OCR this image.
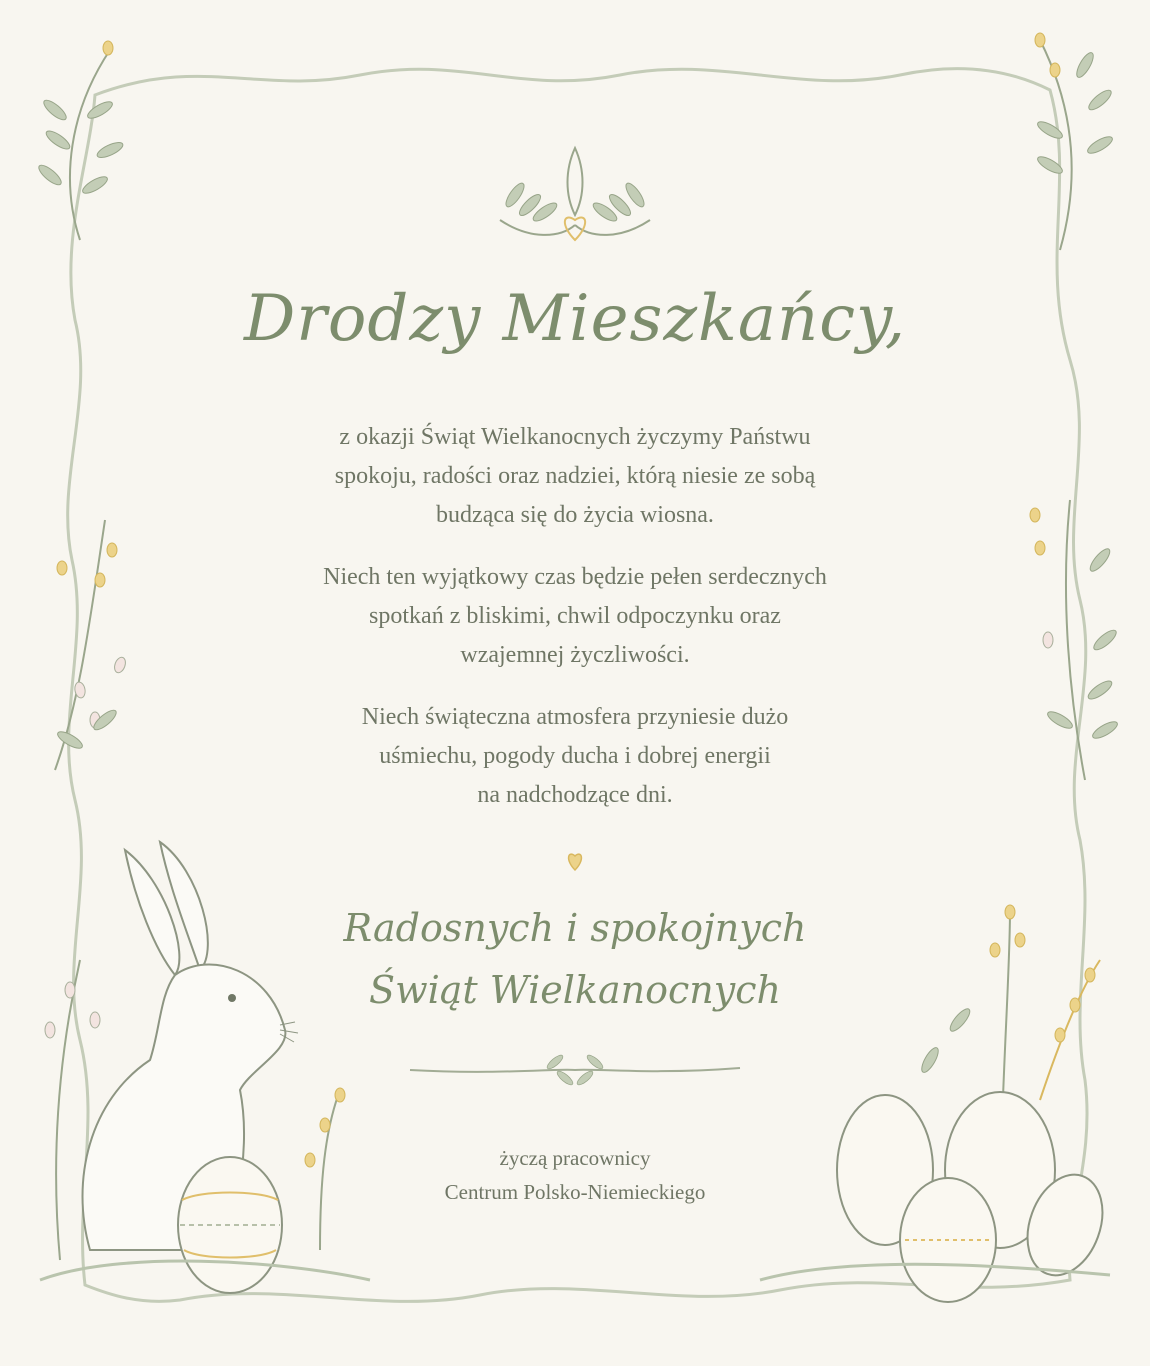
Drodzy Mieszkańcy,
z okazji Świąt Wielkanocnych życzymy Państwu
spokoju, radości oraz nadziei, którą niesie ze sobą
budząca się do życia wiosna.
Niech ten wyjątkowy czas będzie pełen serdecznych
spotkań z bliskimi, chwil odpoczynku oraz
wzajemnej życzliwości.
Niech świąteczna atmosfera przyniesie dużo
uśmiechu, pogody ducha i dobrej energii
na nadchodzące dni.
Radosnych i spokojnych
Świąt Wielkanocnych
życzą pracownicy
Centrum Polsko-Niemieckiego
